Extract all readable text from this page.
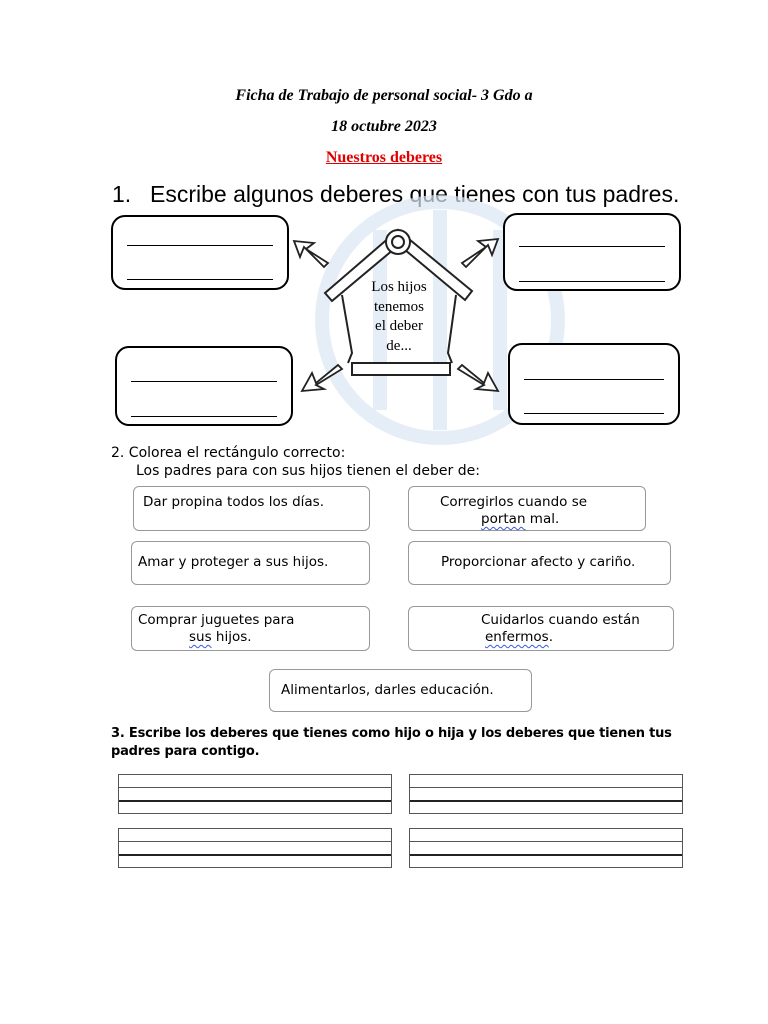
Ficha de Trabajo de personal social- 3 Gdo a
18 octubre 2023
Nuestros deberes
1. Escribe algunos deberes que tienes con tus padres.
Los hijos
tenemos
el deber
de...
2. Colorea el rectángulo correcto:
Los padres para con sus hijos tienen el deber de:
Dar propina todos los días.	Corregirlos cuando se
portan mal.
Amar y proteger a sus hijos.	Proporcionar afecto y cariño.
Comprar juguetes para
sus hijos.
Cuidarlos cuando están
enfermos.
Alimentarlos, darles educación.
3. Escribe los deberes que tienes como hijo o hija y los deberes que tienen tus
padres para contigo.
